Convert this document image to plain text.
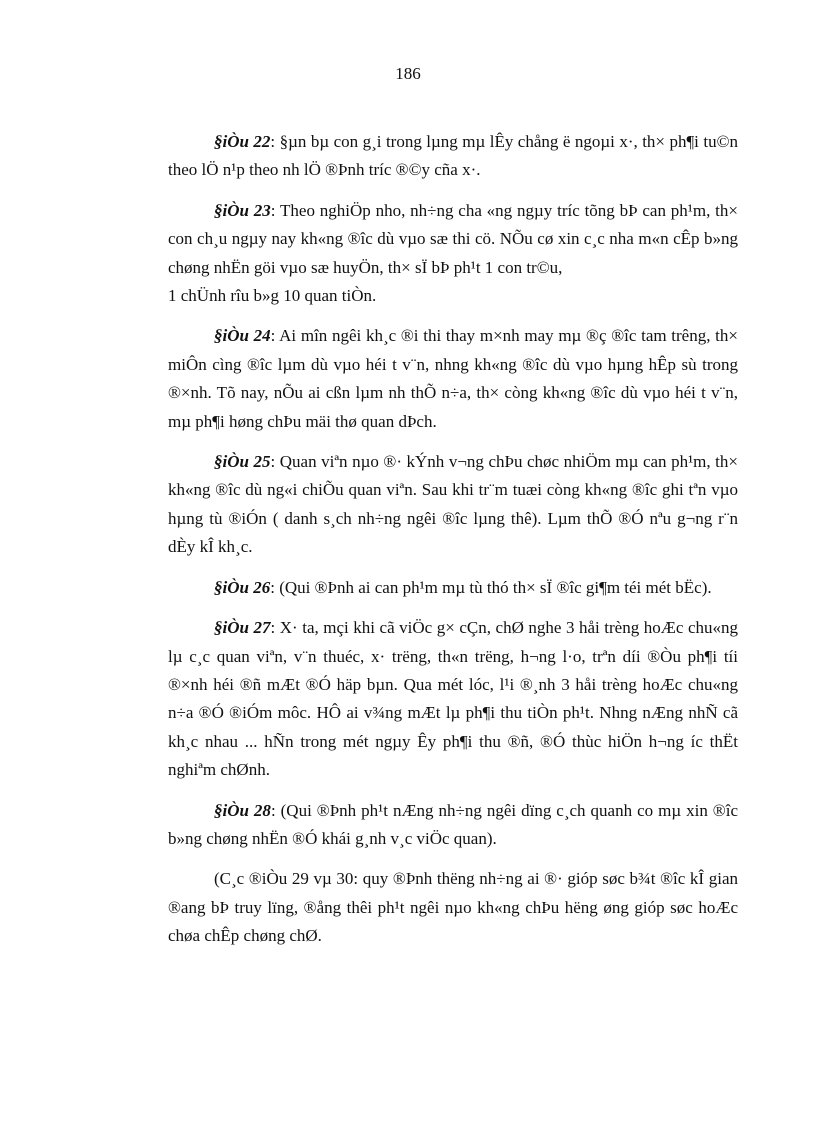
186

§iÒu 22: §µn bµ con g¸i trong lµng mµ lÊy chång ë ngoµi x·, th× ph¶i tu©n theo lÖ n¹p theo nh lÖ ®Þnh tríc ®©y cña x·.

§iÒu 23: Theo nghiÖp nho, nh÷ng cha «ng ngµy tríc tõng bÞ can ph¹m, th× con ch¸u ngµy nay kh«ng ®îc dù vµo sæ thi cö. NÕu cø xin c¸c nha m«n cÊp b»ng chøng nhËn göi vµo sæ huyÖn, th× sÏ bÞ ph¹t 1 con tr©u,

1 chÜnh rîu b»g 10 quan tiÒn.

§iÒu 24: Ai mîn ngêi kh¸c ®i thi thay m×nh may mµ ®ç ®îc tam trêng, th× miÔn cìng ®îc lµm dù vµo héi t v¨n, nhng kh«ng ®îc dù vµo hµng hÊp sù trong ®×nh. Tõ nay, nÕu ai cßn lµm nh thÕ n÷a, th× còng kh«ng ®îc dù vµo héi t v¨n, mµ ph¶i høng chÞu mäi thø quan dÞch.

§iÒu 25: Quan viªn nµo ®· kÝnh v¬ng chÞu chøc nhiÖm mµ can ph¹m, th× kh«ng ®îc dù ng«i chiÕu quan viªn. Sau khi tr¨m tuæi còng kh«ng ®îc ghi tªn vµo hµng tù ®iÓn ( danh s¸ch nh÷ng ngêi ®îc lµng thê). Lµm thÕ ®Ó nªu g¬ng r¨n dÈy kÎ kh¸c.

§iÒu 26: (Qui ®Þnh ai can ph¹m mµ tù thó th× sÏ ®îc gi¶m téi mét bËc).

§iÒu 27: X· ta, mçi khi cã viÖc g× cÇn, chØ nghe 3 håi trèng hoÆc chu«ng lµ c¸c quan viªn, v¨n thuéc, x· trëng, th«n trëng, h¬ng l·o, trªn díi ®Òu ph¶i tíi ®×nh héi ®ñ mÆt ®Ó häp bµn. Qua mét lóc, l¹i ®¸nh 3 håi trèng hoÆc chu«ng n÷a ®Ó ®iÓm môc. HÔ ai v¾ng mÆt lµ ph¶i thu tiÒn ph¹t. Nhng nÆng nhÑ cã kh¸c nhau ... hÑn trong mét ngµy Êy ph¶i thu ®ñ, ®Ó thùc hiÖn h¬ng íc thËt nghiªm chØnh.

§iÒu 28: (Qui ®Þnh ph¹t nÆng nh÷ng ngêi dïng c¸ch quanh co mµ xin ®îc b»ng chøng nhËn ®Ó khái g¸nh v¸c viÖc quan).

(C¸c ®iÒu 29 vµ 30: quy ®Þnh thëng nh÷ng ai ®· gióp søc b¾t ®îc kÎ gian ®ang bÞ truy lïng, ®ång thêi ph¹t ngêi nµo kh«ng chÞu hëng øng gióp søc hoÆc chøa chÊp chøng chØ.
